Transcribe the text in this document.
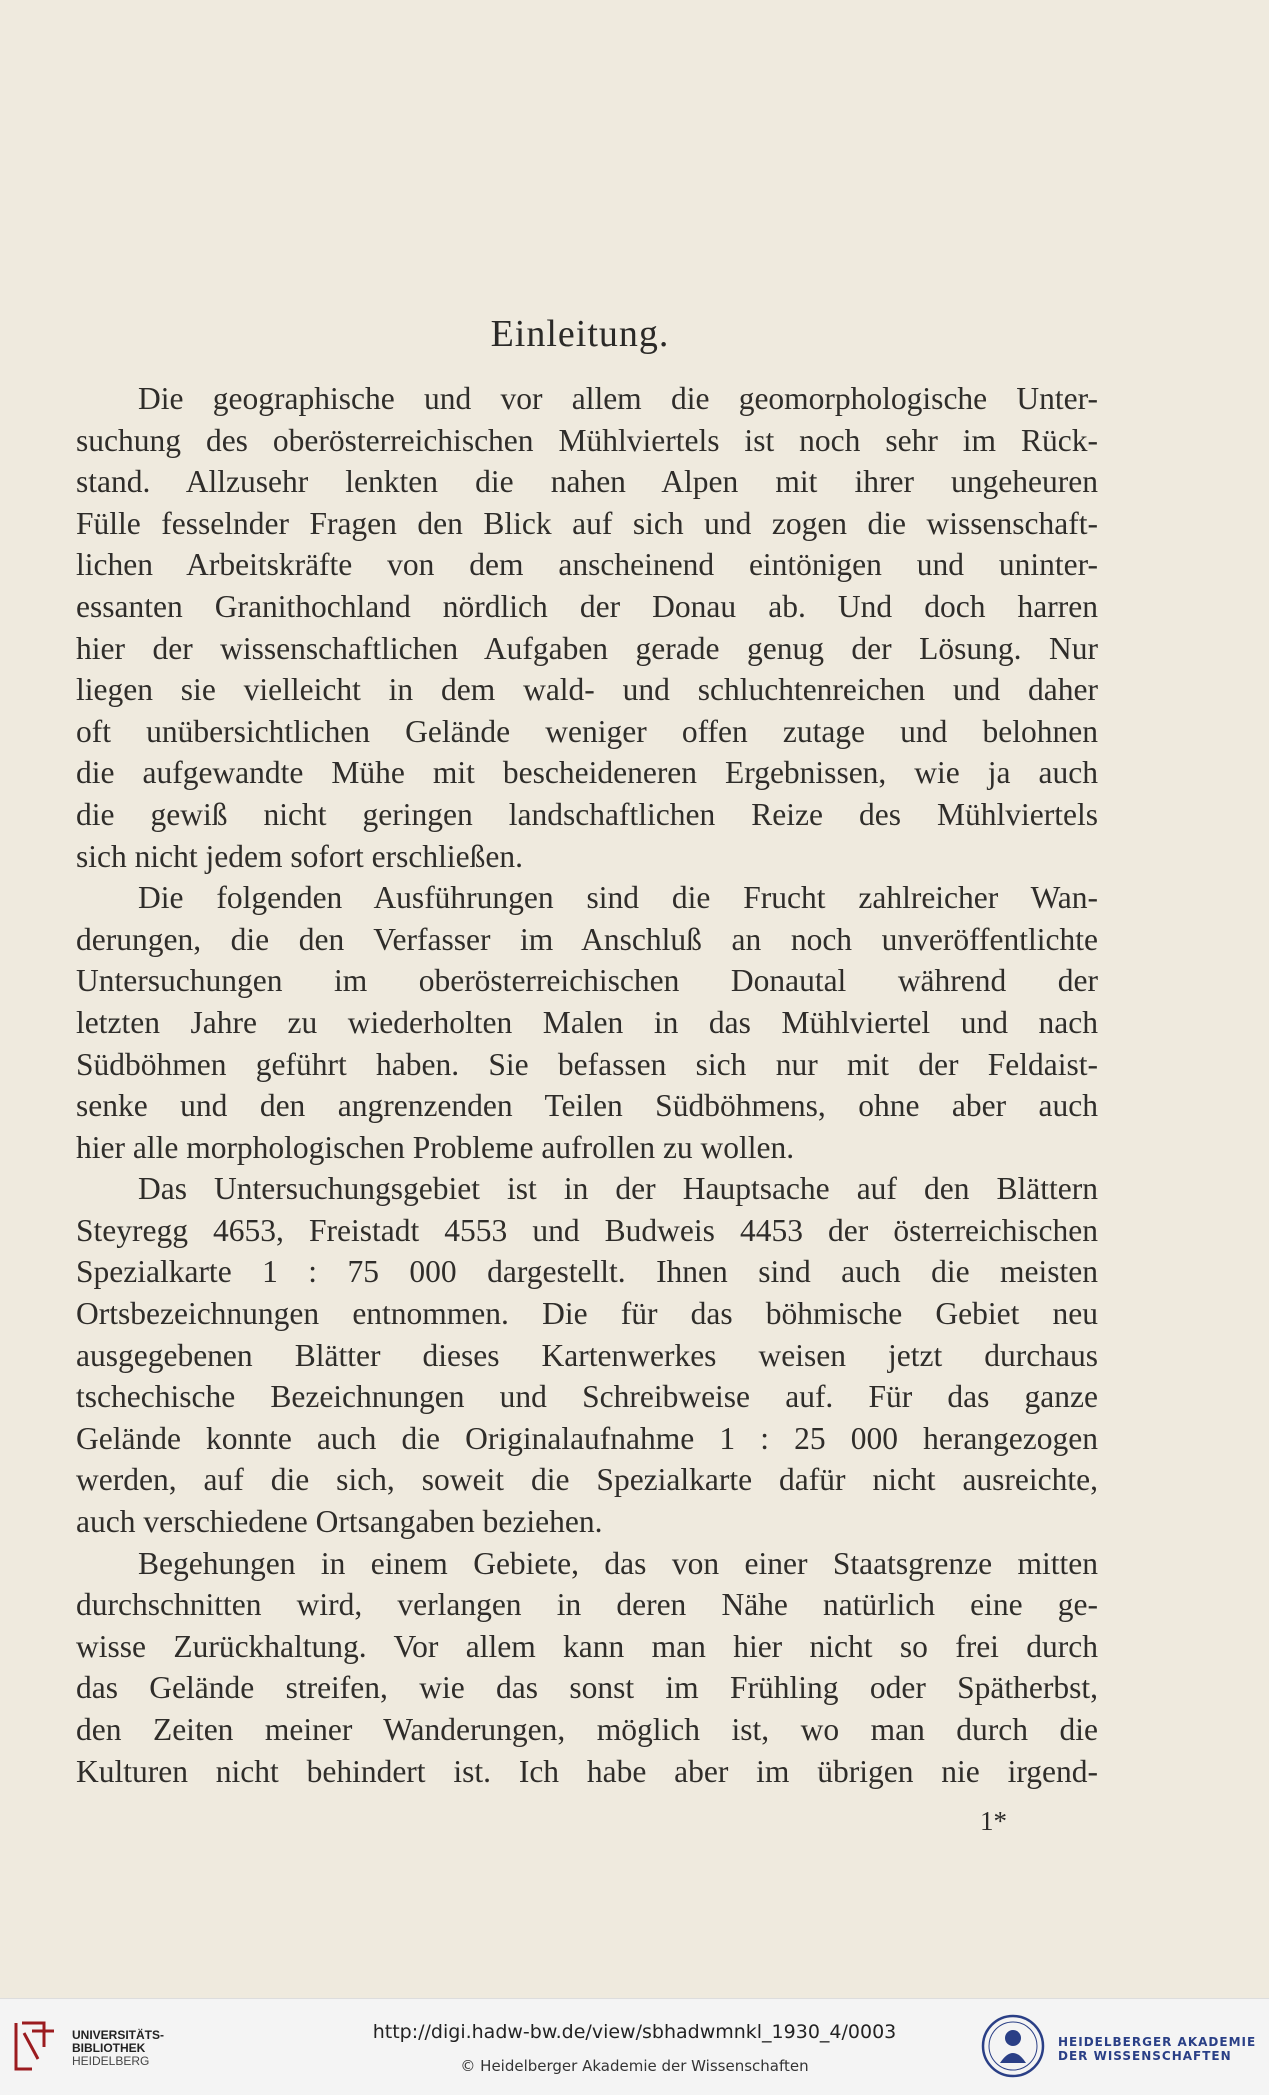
Einleitung.
Die geographische und vor allem die geomorphologische Unter-
suchung des oberösterreichischen Mühlviertels ist noch sehr im Rück-
stand. Allzusehr lenkten die nahen Alpen mit ihrer ungeheuren
Fülle fesselnder Fragen den Blick auf sich und zogen die wissenschaft-
lichen Arbeitskräfte von dem anscheinend eintönigen und uninter-
essanten Granithochland nördlich der Donau ab. Und doch harren
hier der wissenschaftlichen Aufgaben gerade genug der Lösung. Nur
liegen sie vielleicht in dem wald- und schluchtenreichen und daher
oft unübersichtlichen Gelände weniger offen zutage und belohnen
die aufgewandte Mühe mit bescheideneren Ergebnissen, wie ja auch
die gewiß nicht geringen landschaftlichen Reize des Mühlviertels
sich nicht jedem sofort erschließen.
Die folgenden Ausführungen sind die Frucht zahlreicher Wan-
derungen, die den Verfasser im Anschluß an noch unveröffentlichte
Untersuchungen im oberösterreichischen Donautal während der
letzten Jahre zu wiederholten Malen in das Mühlviertel und nach
Südböhmen geführt haben. Sie befassen sich nur mit der Feldaist-
senke und den angrenzenden Teilen Südböhmens, ohne aber auch
hier alle morphologischen Probleme aufrollen zu wollen.
Das Untersuchungsgebiet ist in der Hauptsache auf den Blättern
Steyregg 4653, Freistadt 4553 und Budweis 4453 der österreichischen
Spezialkarte 1 : 75 000 dargestellt. Ihnen sind auch die meisten
Ortsbezeichnungen entnommen. Die für das böhmische Gebiet neu
ausgegebenen Blätter dieses Kartenwerkes weisen jetzt durchaus
tschechische Bezeichnungen und Schreibweise auf. Für das ganze
Gelände konnte auch die Originalaufnahme 1 : 25 000 herangezogen
werden, auf die sich, soweit die Spezialkarte dafür nicht ausreichte,
auch verschiedene Ortsangaben beziehen.
Begehungen in einem Gebiete, das von einer Staatsgrenze mitten
durchschnitten wird, verlangen in deren Nähe natürlich eine ge-
wisse Zurückhaltung. Vor allem kann man hier nicht so frei durch
das Gelände streifen, wie das sonst im Frühling oder Spätherbst,
den Zeiten meiner Wanderungen, möglich ist, wo man durch die
Kulturen nicht behindert ist. Ich habe aber im übrigen nie irgend-
1*
UNIVERSITÄTS-
BIBLIOTHEK
HEIDELBERG
http://digi.hadw-bw.de/view/sbhadwmnkl_1930_4/0003
© Heidelberger Akademie der Wissenschaften
HEIDELBERGER AKADEMIE
DER WISSENSCHAFTEN
